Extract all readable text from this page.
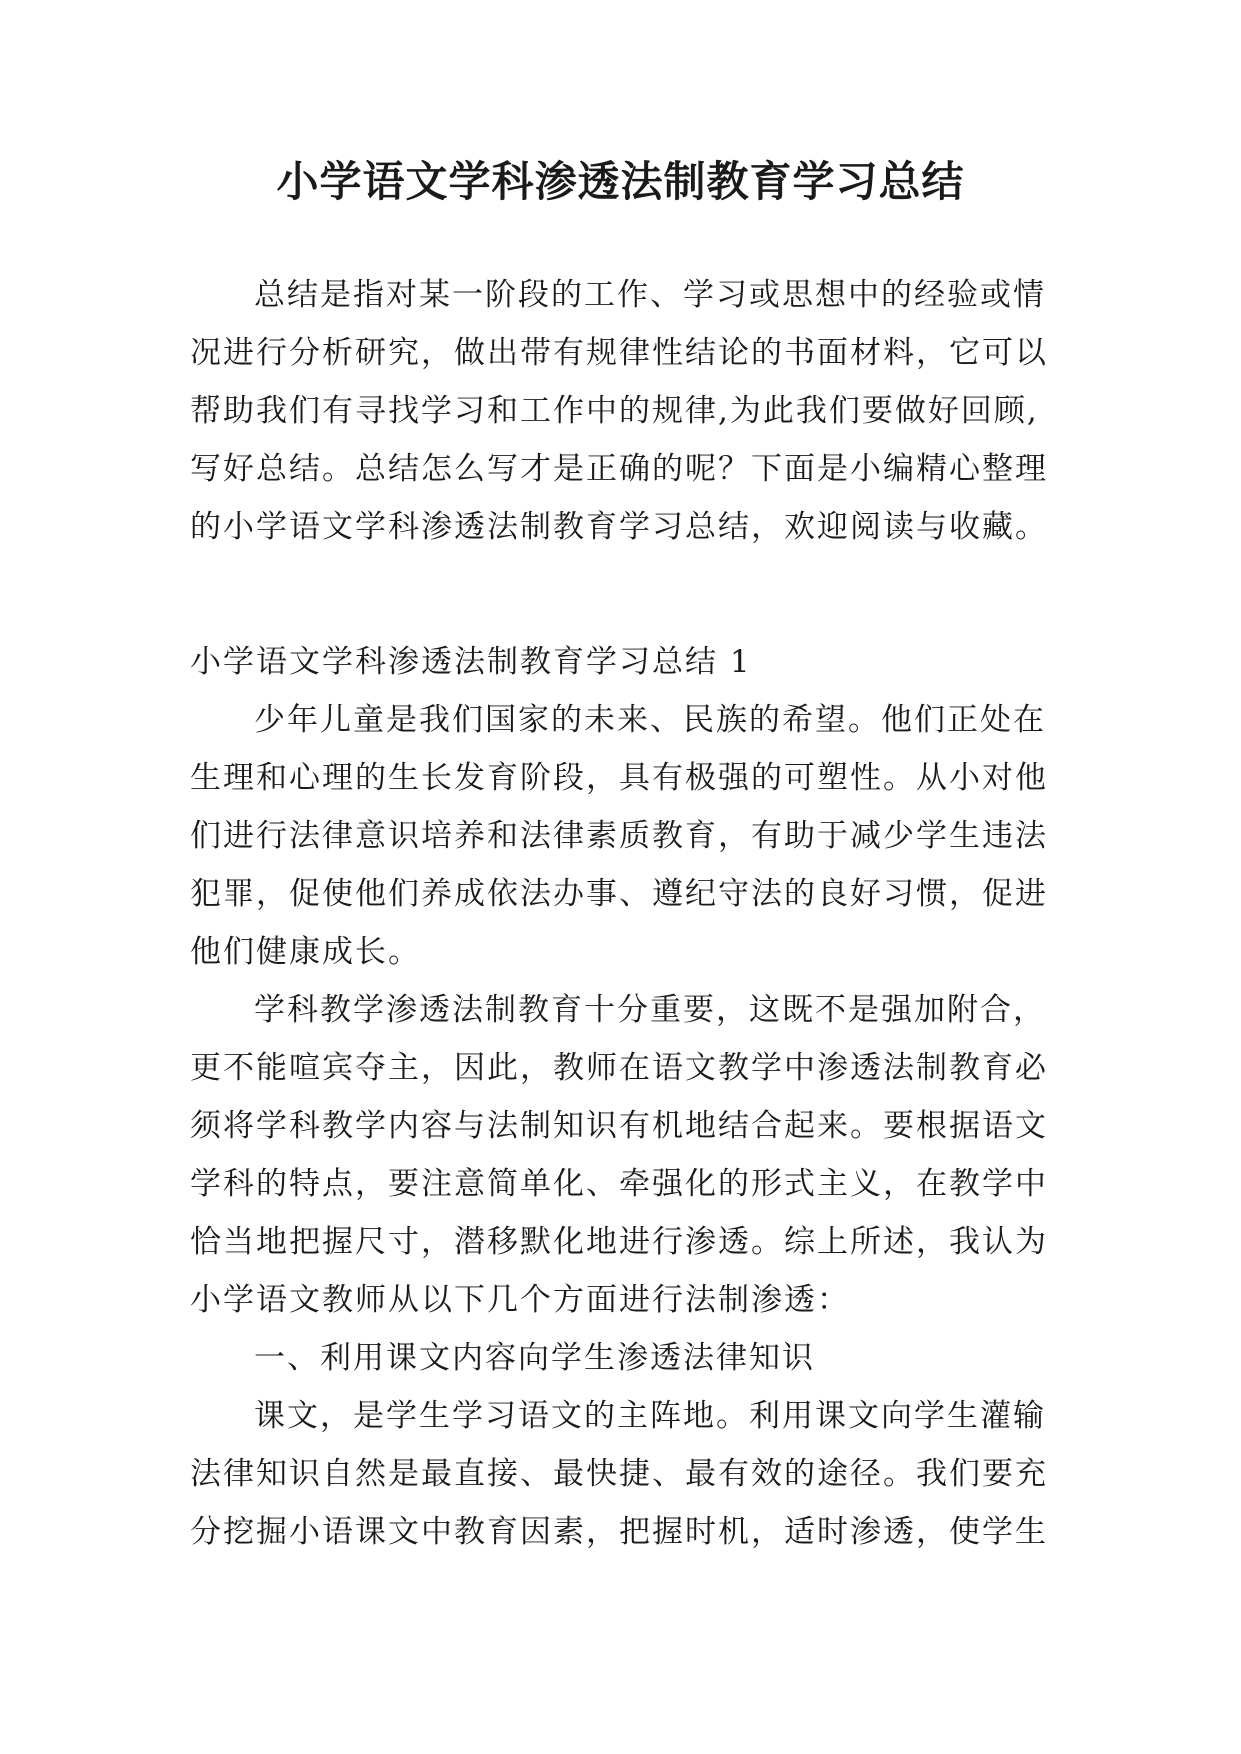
小学语文学科渗透法制教育学习总结
总结是指对某一阶段的工作、学习或思想中的经验或情
况进行分析研究，做出带有规律性结论的书面材料，它可以
帮助我们有寻找学习和工作中的规律,为此我们要做好回顾,
写好总结。总结怎么写才是正确的呢？下面是小编精心整理
的小学语文学科渗透法制教育学习总结，欢迎阅读与收藏。
小学语文学科渗透法制教育学习总结 1
少年儿童是我们国家的未来、民族的希望。他们正处在
生理和心理的生长发育阶段，具有极强的可塑性。从小对他
们进行法律意识培养和法律素质教育，有助于减少学生违法
犯罪，促使他们养成依法办事、遵纪守法的良好习惯，促进
他们健康成长。
学科教学渗透法制教育十分重要，这既不是强加附合，
更不能喧宾夺主，因此，教师在语文教学中渗透法制教育必
须将学科教学内容与法制知识有机地结合起来。要根据语文
学科的特点，要注意简单化、牵强化的形式主义，在教学中
恰当地把握尺寸，潜移默化地进行渗透。综上所述，我认为
小学语文教师从以下几个方面进行法制渗透：
一、利用课文内容向学生渗透法律知识
课文，是学生学习语文的主阵地。利用课文向学生灌输
法律知识自然是最直接、最快捷、最有效的途径。我们要充
分挖掘小语课文中教育因素，把握时机，适时渗透，使学生
